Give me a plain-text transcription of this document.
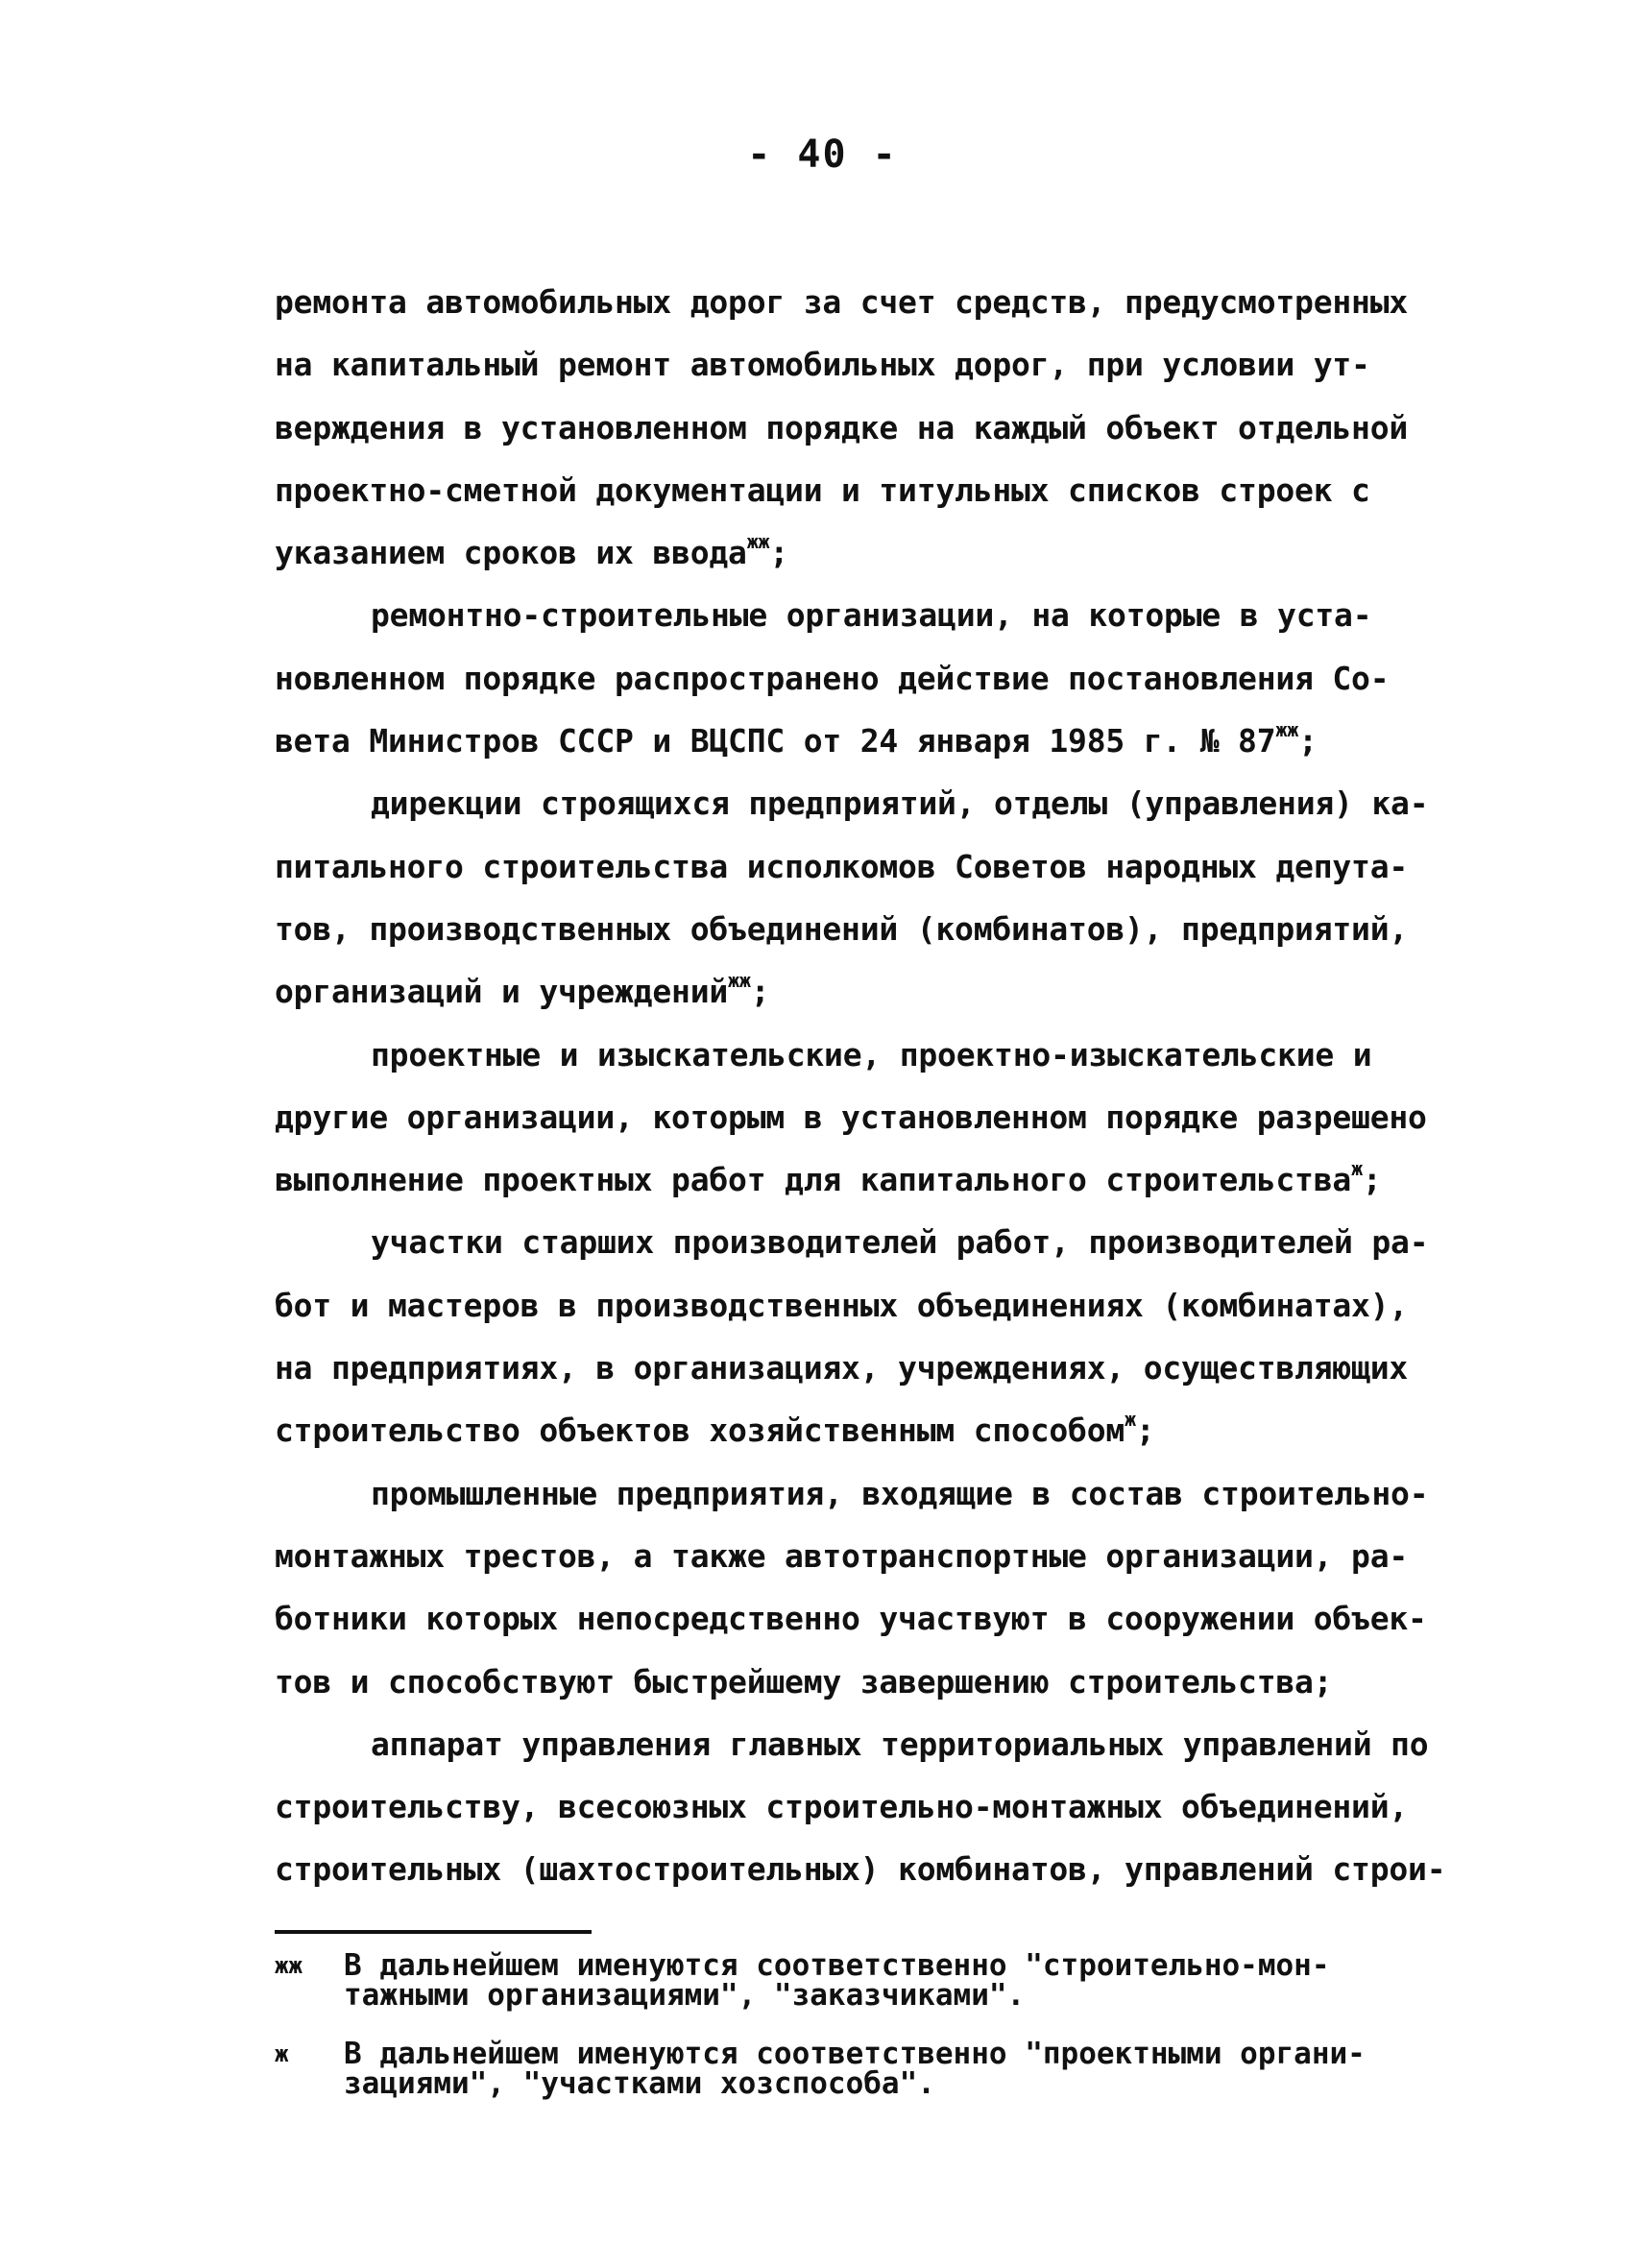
- 40 -
ремонта автомобильных дорог за счет средств, предусмотренных
на капитальный ремонт автомобильных дорог, при условии ут-
верждения в установленном порядке на каждый объект отдельной
проектно-сметной документации и титульных списков строек с
указанием сроков их ввода$^{жж}$;
ремонтно-строительные организации, на которые в уста-
новленном порядке распространено действие постановления Со-
вета Министров СССР и ВЦСПС от 24 января 1985 г. № $87^{жж}$;
дирекции строящихся предприятий, отделы (управления) ка-
питального строительства исполкомов Советов народных депута-
тов, производственных объединений (комбинатов), предприятий,
организаций и учреждений$^{жж}$;
проектные и изыскательские, проектно-изыскательские и
другие организации, которым в установленном порядке разрешено
выполнение проектных работ для капитального строительства$^ж$;
участки старших производителей работ, производителей ра-
бот и мастеров в производственных объединениях (комбинатах),
на предприятиях, в организациях, учреждениях, осуществляющих
строительство объектов хозяйственным способом$^ж$;
промышленные предприятия, входящие в состав строительно-
монтажных трестов, а также автотранспортные организации, ра-
ботники которых непосредственно участвуют в сооружении объек-
тов и способствуют быстрейшему завершению строительства;
аппарат управления главных территориальных управлений по
строительству, всесоюзных строительно-монтажных объединений,
строительных (шахтостроительных) комбинатов, управлений строи-
жж В дальнейшем именуются соответственно "строительно-мон-
тажными организациями", "заказчиками".
ж В дальнейшем именуются соответственно "проектными органи-
зациями", "участками хозспособа".
